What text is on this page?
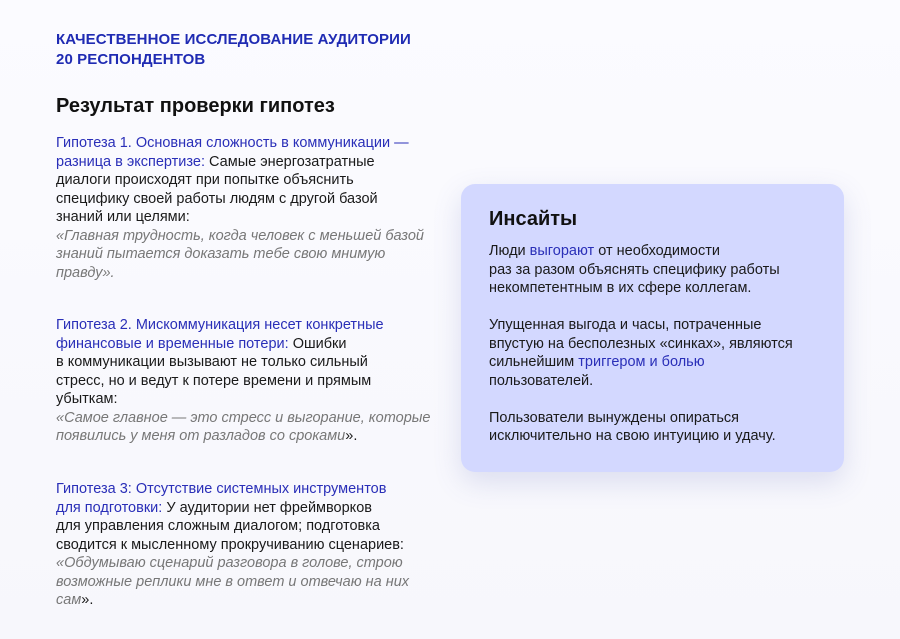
КАЧЕСТВЕННОЕ ИССЛЕДОВАНИЕ АУДИТОРИИ
20 РЕСПОНДЕНТОВ
Результат проверки гипотез
Гипотеза 1. Основная сложность в коммуникации —
разница в экспертизе: Самые энергозатратные
диалоги происходят при попытке объяснить
специфику своей работы людям с другой базой
знаний или целями:
«Главная трудность, когда человек с меньшей базой
знаний пытается доказать тебе свою мнимую
правду».
Гипотеза 2. Мискоммуникация несет конкретные
финансовые и временные потери: Ошибки
в коммуникации вызывают не только сильный
стресс, но и ведут к потере времени и прямым
убыткам:
«Самое главное — это стресс и выгорание, которые
появились у меня от разладов со сроками».
Гипотеза 3: Отсутствие системных инструментов
для подготовки: У аудитории нет фреймворков
для управления сложным диалогом; подготовка
сводится к мысленному прокручиванию сценариев:
«Обдумываю сценарий разговора в голове, строю
возможные реплики мне в ответ и отвечаю на них
сам».
Инсайты
Люди выгорают от необходимости
раз за разом объяснять специфику работы
некомпетентным в их сфере коллегам.
Упущенная выгода и часы, потраченные
впустую на бесполезных «синках», являются
сильнейшим триггером и болью
пользователей.
Пользователи вынуждены опираться
исключительно на свою интуицию и удачу.
